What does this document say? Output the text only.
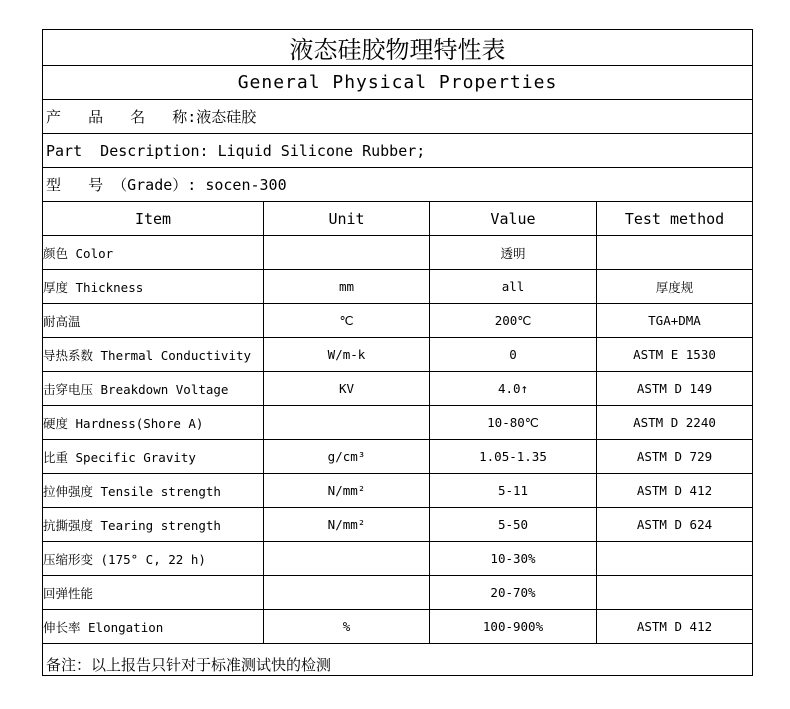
液态硅胶物理特性表			
General Physical Properties			
产   品   名   称:液态硅胶			
Part  Description: Liquid Silicone Rubber;			
型   号 （Grade）: socen-300			
Item	Unit	Value	Test method
颜色 Color		透明	
厚度 Thickness	mm	all	厚度规
耐高温	℃	200℃	TGA+DMA
导热系数 Thermal Conductivity	W/m-k	0	ASTM E 1530
击穿电压 Breakdown Voltage	KV	4.0↑	ASTM D 149
硬度 Hardness(Shore A)		10-80℃	ASTM D 2240
比重 Specific Gravity	g/cm³	1.05-1.35	ASTM D 729
拉伸强度 Tensile strength	N/mm²	5-11	ASTM D 412
抗撕强度 Tearing strength	N/mm²	5-50	ASTM D 624
压缩形变 (175° C, 22 h)		10-30%	
回弹性能		20-70%	
伸长率 Elongation	%	100-900%	ASTM D 412
备注：以上报告只针对于标准测试快的检测			
